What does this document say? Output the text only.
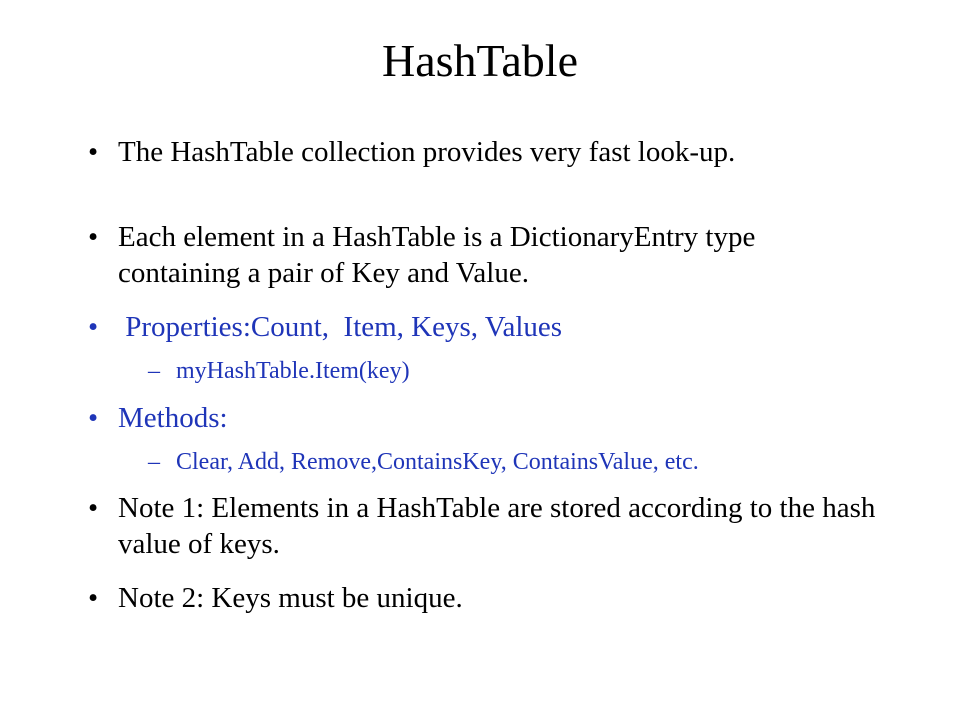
HashTable
• The HashTable collection provides very fast look-up.
• Each element in a HashTable is a DictionaryEntry type containing a pair of Key and Value.
• Properties:Count,  Item, Keys, Values
– myHashTable.Item(key)
• Methods:
– Clear, Add, Remove,ContainsKey, ContainsValue, etc.
• Note 1: Elements in a HashTable are stored according to the hash  value of keys.
• Note 2: Keys must be unique.
